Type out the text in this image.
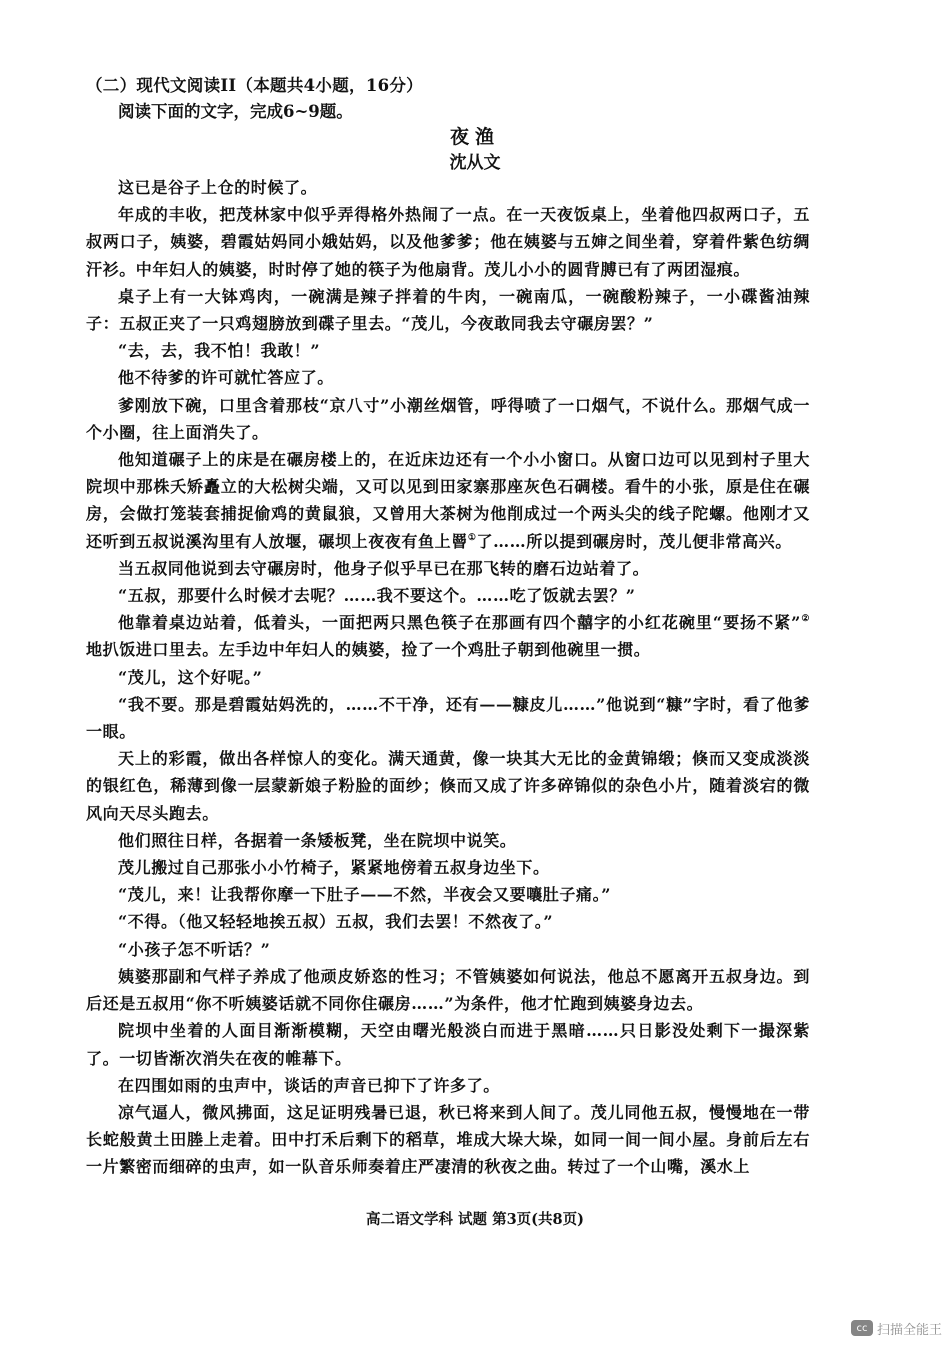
（二）现代文阅读II（本题共4小题，16分）
阅读下面的文字，完成6~9题。
夜渔
沈从文

这已是谷子上仓的时候了。

年成的丰收，把茂林家中似乎弄得格外热闹了一点。在一天夜饭桌上，坐着他四叔两口子，五叔两口子，姨婆，碧霞姑妈同小娥姑妈，以及他爹爹；他在姨婆与五婶之间坐着，穿着件紫色纺绸汗衫。中年妇人的姨婆，时时停了她的筷子为他扇背。茂儿小小的圆背膊已有了两团湿痕。

桌子上有一大钵鸡肉，一碗满是辣子拌着的牛肉，一碗南瓜，一碗酸粉辣子，一小碟酱油辣子：五叔正夹了一只鸡翅膀放到碟子里去。“茂儿，今夜敢同我去守碾房罢？”

“去，去，我不怕！我敢！”

他不待爹的许可就忙答应了。

爹刚放下碗，口里含着那枝“京八寸”小潮丝烟管，呼得喷了一口烟气，不说什么。那烟气成一个小圈，往上面消失了。

他知道碾子上的床是在碾房楼上的，在近床边还有一个小小窗口。从窗口边可以见到村子里大院坝中那株夭矫矗立的大松树尖端，又可以见到田家寨那座灰色石碉楼。看牛的小张，原是住在碾房，会做打笼装套捕捉偷鸡的黄鼠狼，又曾用大茶树为他削成过一个两头尖的线子陀螺。他刚才又还听到五叔说溪沟里有人放堰，碾坝上夜夜有鱼上罾①了……所以提到碾房时，茂儿便非常高兴。

当五叔同他说到去守碾房时，他身子似乎早已在那飞转的磨石边站着了。

“五叔，那要什么时候才去呢？……我不要这个。……吃了饭就去罢？”

他靠着桌边站着，低着头，一面把两只黑色筷子在那画有四个囍字的小红花碗里“要扬不紧”②地扒饭进口里去。左手边中年妇人的姨婆，捡了一个鸡肚子朝到他碗里一掼。

“茂儿，这个好呢。”

“我不要。那是碧霞姑妈洗的，……不干净，还有——糠皮儿……”他说到“糠”字时，看了他爹一眼。

天上的彩霞，做出各样惊人的变化。满天通黄，像一块其大无比的金黄锦缎；倏而又变成淡淡的银红色，稀薄到像一层蒙新娘子粉脸的面纱；倏而又成了许多碎锦似的杂色小片，随着淡宕的微风向天尽头跑去。

他们照往日样，各据着一条矮板凳，坐在院坝中说笑。

茂儿搬过自己那张小小竹椅子，紧紧地傍着五叔身边坐下。

“茂儿，来！让我帮你摩一下肚子——不然，半夜会又要嚷肚子痛。”

“不得。（他又轻轻地挨五叔）五叔，我们去罢！不然夜了。”

“小孩子怎不听话？”

姨婆那副和气样子养成了他顽皮娇恣的性习；不管姨婆如何说法，他总不愿离开五叔身边。到后还是五叔用“你不听姨婆话就不同你住碾房……”为条件，他才忙跑到姨婆身边去。

院坝中坐着的人面目渐渐模糊，天空由曙光般淡白而进于黑暗……只日影没处剩下一撮深紫了。一切皆渐次消失在夜的帷幕下。

在四围如雨的虫声中，谈话的声音已抑下了许多了。

凉气逼人，微风拂面，这足证明残暑已退，秋已将来到人间了。茂儿同他五叔，慢慢地在一带长蛇般黄土田塍上走着。田中打禾后剩下的稻草，堆成大垛大垛，如同一间一间小屋。身前后左右一片繁密而细碎的虫声，如一队音乐师奏着庄严凄清的秋夜之曲。转过了一个山嘴，溪水上

高二语文学科 试题 第3页(共8页)
cc 扫描全能王
